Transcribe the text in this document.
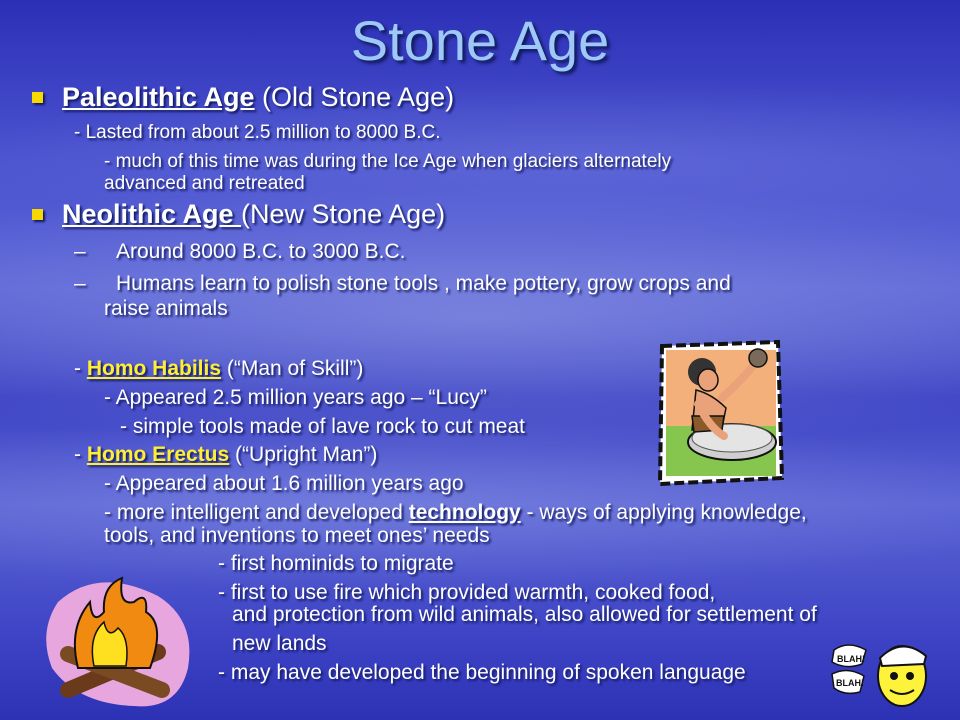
Stone Age
Paleolithic Age (Old Stone Age)
- Lasted from about 2.5 million to 8000 B.C.
- much of this time was during the Ice Age when glaciers alternately
advanced and retreated
Neolithic Age (New Stone Age)
– Around 8000 B.C. to 3000 B.C.
– Humans learn to polish stone tools , make pottery, grow crops and
raise animals
- Homo Habilis (“Man of Skill”)
- Appeared 2.5 million years ago – “Lucy”
- simple tools made of lave rock to cut meat
- Homo Erectus (“Upright Man”)
- Appeared about 1.6 million years ago
- more intelligent and developed technology - ways of applying knowledge,
tools, and inventions to meet ones’ needs
- first hominids to migrate
- first to use fire which provided warmth, cooked food,
and protection from wild animals, also allowed for settlement of
new lands
- may have developed the beginning of spoken language
BLAH!
BLAH!
